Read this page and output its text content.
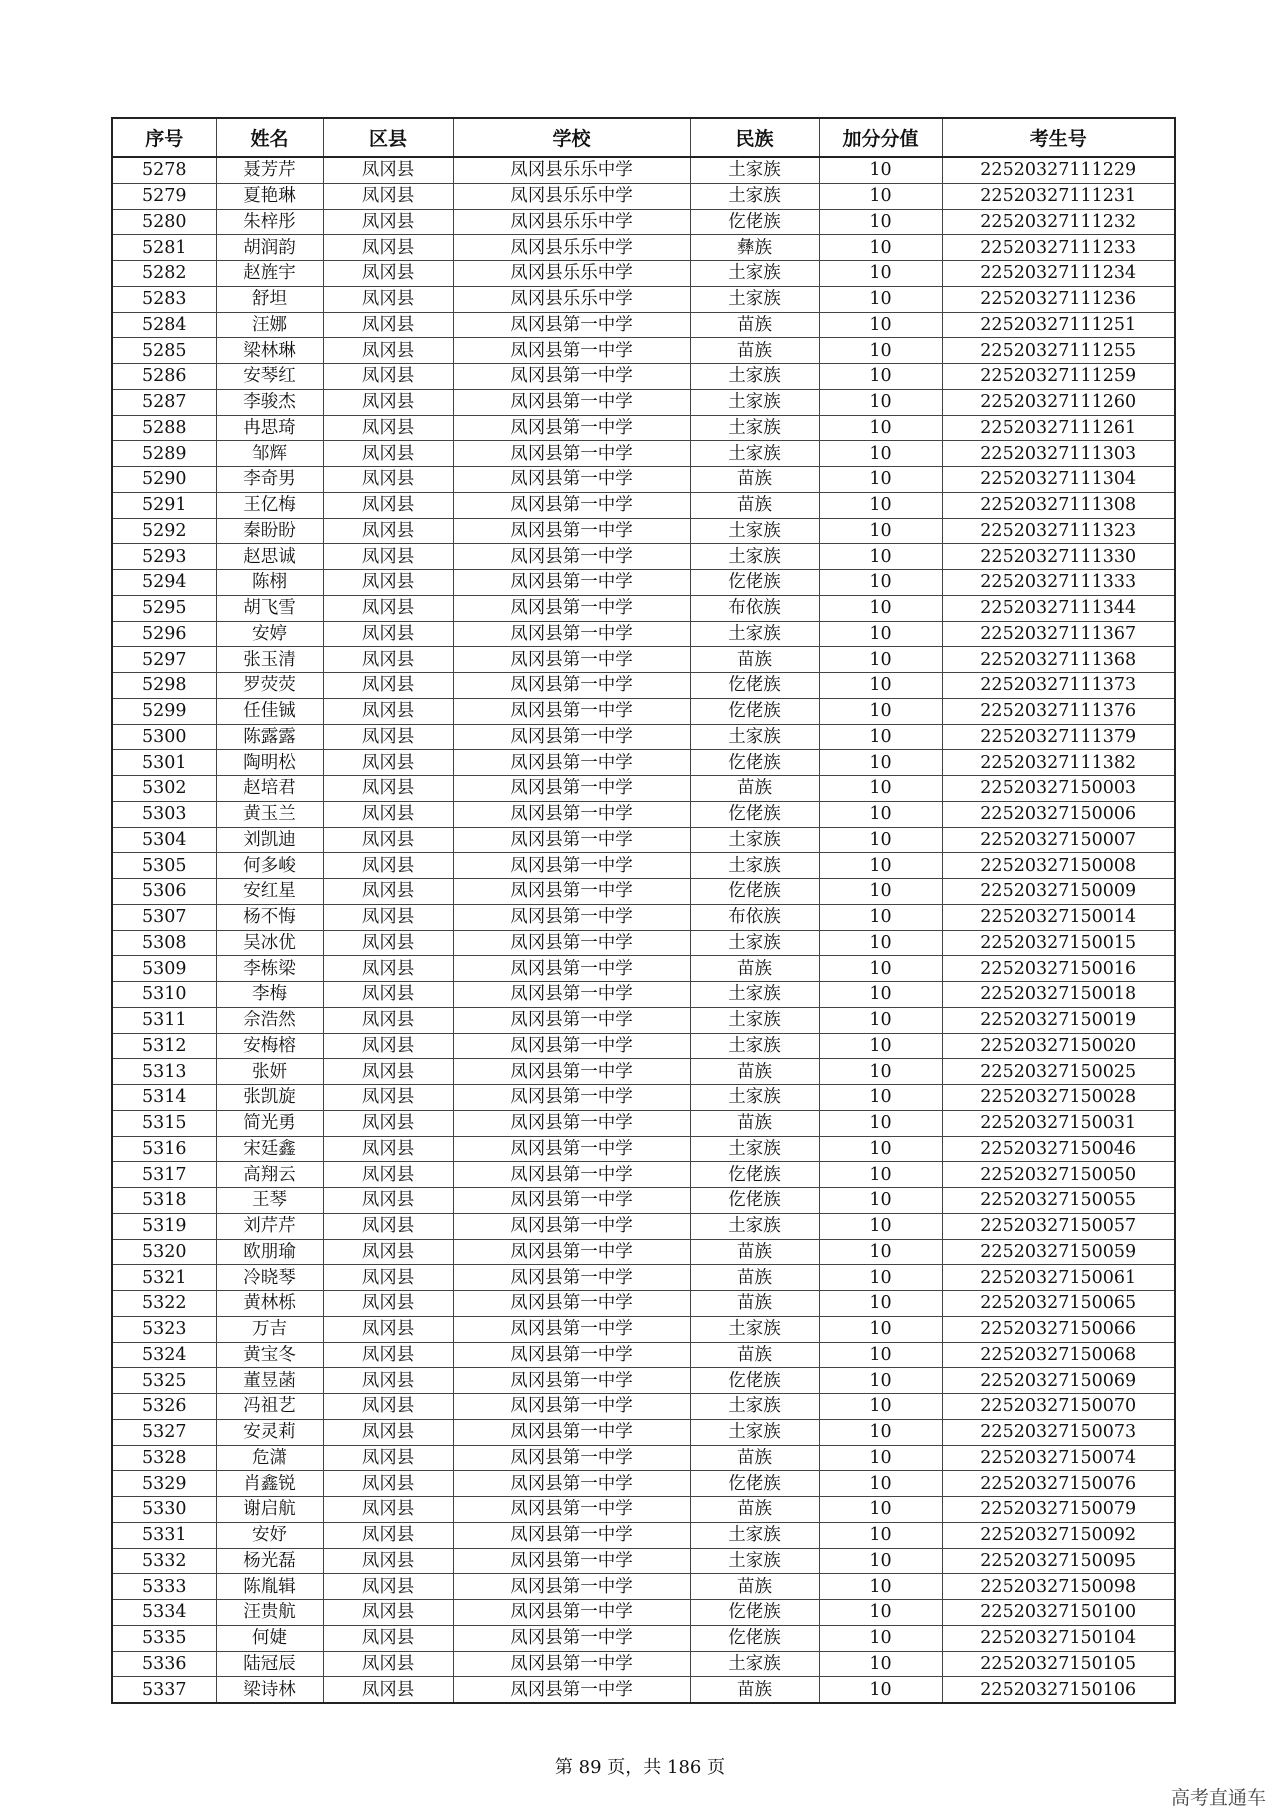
序号	姓名	区县	学校	民族	加分分值	考生号
5278	聂芳芹	凤冈县	凤冈县乐乐中学	土家族	10	22520327111229
5279	夏艳琳	凤冈县	凤冈县乐乐中学	土家族	10	22520327111231
5280	朱梓彤	凤冈县	凤冈县乐乐中学	仡佬族	10	22520327111232
5281	胡润韵	凤冈县	凤冈县乐乐中学	彝族	10	22520327111233
5282	赵旌宇	凤冈县	凤冈县乐乐中学	土家族	10	22520327111234
5283	舒坦	凤冈县	凤冈县乐乐中学	土家族	10	22520327111236
5284	汪娜	凤冈县	凤冈县第一中学	苗族	10	22520327111251
5285	梁林琳	凤冈县	凤冈县第一中学	苗族	10	22520327111255
5286	安琴红	凤冈县	凤冈县第一中学	土家族	10	22520327111259
5287	李骏杰	凤冈县	凤冈县第一中学	土家族	10	22520327111260
5288	冉思琦	凤冈县	凤冈县第一中学	土家族	10	22520327111261
5289	邹辉	凤冈县	凤冈县第一中学	土家族	10	22520327111303
5290	李奇男	凤冈县	凤冈县第一中学	苗族	10	22520327111304
5291	王亿梅	凤冈县	凤冈县第一中学	苗族	10	22520327111308
5292	秦盼盼	凤冈县	凤冈县第一中学	土家族	10	22520327111323
5293	赵思诚	凤冈县	凤冈县第一中学	土家族	10	22520327111330
5294	陈栩	凤冈县	凤冈县第一中学	仡佬族	10	22520327111333
5295	胡飞雪	凤冈县	凤冈县第一中学	布依族	10	22520327111344
5296	安婷	凤冈县	凤冈县第一中学	土家族	10	22520327111367
5297	张玉清	凤冈县	凤冈县第一中学	苗族	10	22520327111368
5298	罗荧荧	凤冈县	凤冈县第一中学	仡佬族	10	22520327111373
5299	任佳铖	凤冈县	凤冈县第一中学	仡佬族	10	22520327111376
5300	陈露露	凤冈县	凤冈县第一中学	土家族	10	22520327111379
5301	陶明松	凤冈县	凤冈县第一中学	仡佬族	10	22520327111382
5302	赵培君	凤冈县	凤冈县第一中学	苗族	10	22520327150003
5303	黄玉兰	凤冈县	凤冈县第一中学	仡佬族	10	22520327150006
5304	刘凯迪	凤冈县	凤冈县第一中学	土家族	10	22520327150007
5305	何多峻	凤冈县	凤冈县第一中学	土家族	10	22520327150008
5306	安红星	凤冈县	凤冈县第一中学	仡佬族	10	22520327150009
5307	杨不悔	凤冈县	凤冈县第一中学	布依族	10	22520327150014
5308	吴冰优	凤冈县	凤冈县第一中学	土家族	10	22520327150015
5309	李栋梁	凤冈县	凤冈县第一中学	苗族	10	22520327150016
5310	李梅	凤冈县	凤冈县第一中学	土家族	10	22520327150018
5311	佘浩然	凤冈县	凤冈县第一中学	土家族	10	22520327150019
5312	安梅榕	凤冈县	凤冈县第一中学	土家族	10	22520327150020
5313	张妍	凤冈县	凤冈县第一中学	苗族	10	22520327150025
5314	张凯旋	凤冈县	凤冈县第一中学	土家族	10	22520327150028
5315	简光勇	凤冈县	凤冈县第一中学	苗族	10	22520327150031
5316	宋廷鑫	凤冈县	凤冈县第一中学	土家族	10	22520327150046
5317	高翔云	凤冈县	凤冈县第一中学	仡佬族	10	22520327150050
5318	王琴	凤冈县	凤冈县第一中学	仡佬族	10	22520327150055
5319	刘芹芹	凤冈县	凤冈县第一中学	土家族	10	22520327150057
5320	欧朋瑜	凤冈县	凤冈县第一中学	苗族	10	22520327150059
5321	冷晓琴	凤冈县	凤冈县第一中学	苗族	10	22520327150061
5322	黄林栎	凤冈县	凤冈县第一中学	苗族	10	22520327150065
5323	万吉	凤冈县	凤冈县第一中学	土家族	10	22520327150066
5324	黄宝冬	凤冈县	凤冈县第一中学	苗族	10	22520327150068
5325	董昱菡	凤冈县	凤冈县第一中学	仡佬族	10	22520327150069
5326	冯祖艺	凤冈县	凤冈县第一中学	土家族	10	22520327150070
5327	安灵莉	凤冈县	凤冈县第一中学	土家族	10	22520327150073
5328	危潇	凤冈县	凤冈县第一中学	苗族	10	22520327150074
5329	肖鑫锐	凤冈县	凤冈县第一中学	仡佬族	10	22520327150076
5330	谢启航	凤冈县	凤冈县第一中学	苗族	10	22520327150079
5331	安妤	凤冈县	凤冈县第一中学	土家族	10	22520327150092
5332	杨光磊	凤冈县	凤冈县第一中学	土家族	10	22520327150095
5333	陈胤辑	凤冈县	凤冈县第一中学	苗族	10	22520327150098
5334	汪贵航	凤冈县	凤冈县第一中学	仡佬族	10	22520327150100
5335	何婕	凤冈县	凤冈县第一中学	仡佬族	10	22520327150104
5336	陆冠辰	凤冈县	凤冈县第一中学	土家族	10	22520327150105
5337	梁诗林	凤冈县	凤冈县第一中学	苗族	10	22520327150106
第 89 页，共 186 页
高考直通车
